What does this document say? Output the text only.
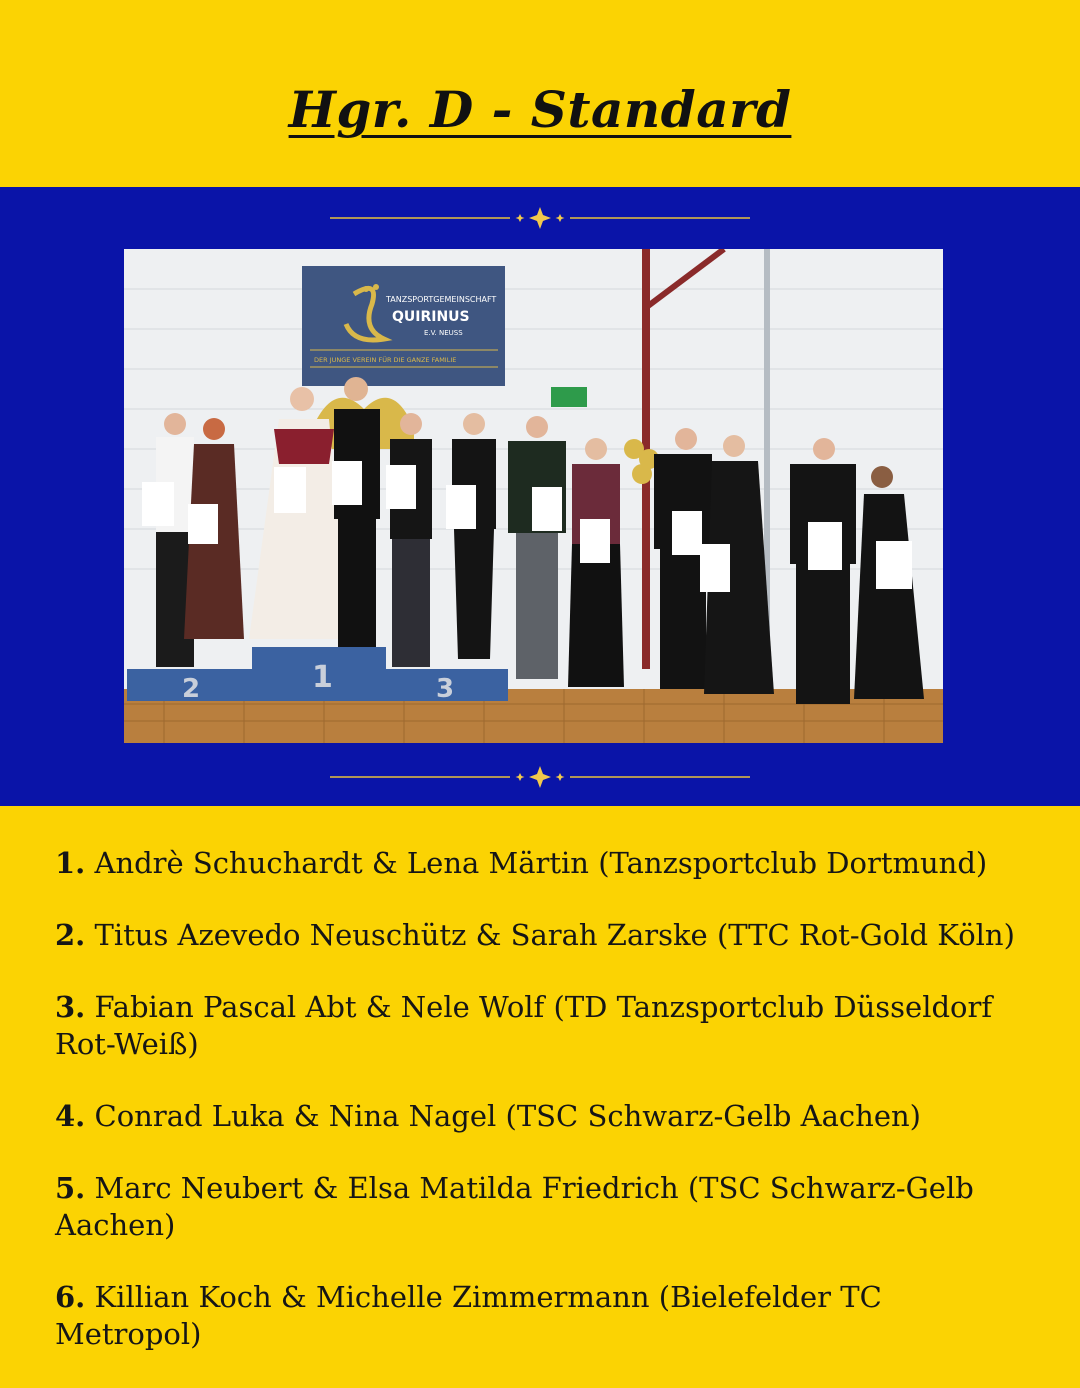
Hgr. D - Standard
TANZSPORTGEMEINSCHAFT
QUIRINUS
E.V. NEUSS
DER JUNGE VEREIN FÜR DIE GANZE FAMILIE
2	1	3
1. Andrè Schuchardt & Lena Märtin (Tanzsportclub Dortmund)
2. Titus Azevedo Neuschütz & Sarah Zarske (TTC Rot-Gold Köln)
3. Fabian Pascal Abt & Nele Wolf (TD Tanzsportclub Düsseldorf Rot-Weiß)
4. Conrad Luka & Nina Nagel (TSC Schwarz-Gelb Aachen)
5. Marc Neubert & Elsa Matilda Friedrich (TSC Schwarz-Gelb Aachen)
6. Killian Koch & Michelle Zimmermann (Bielefelder TC Metropol)
